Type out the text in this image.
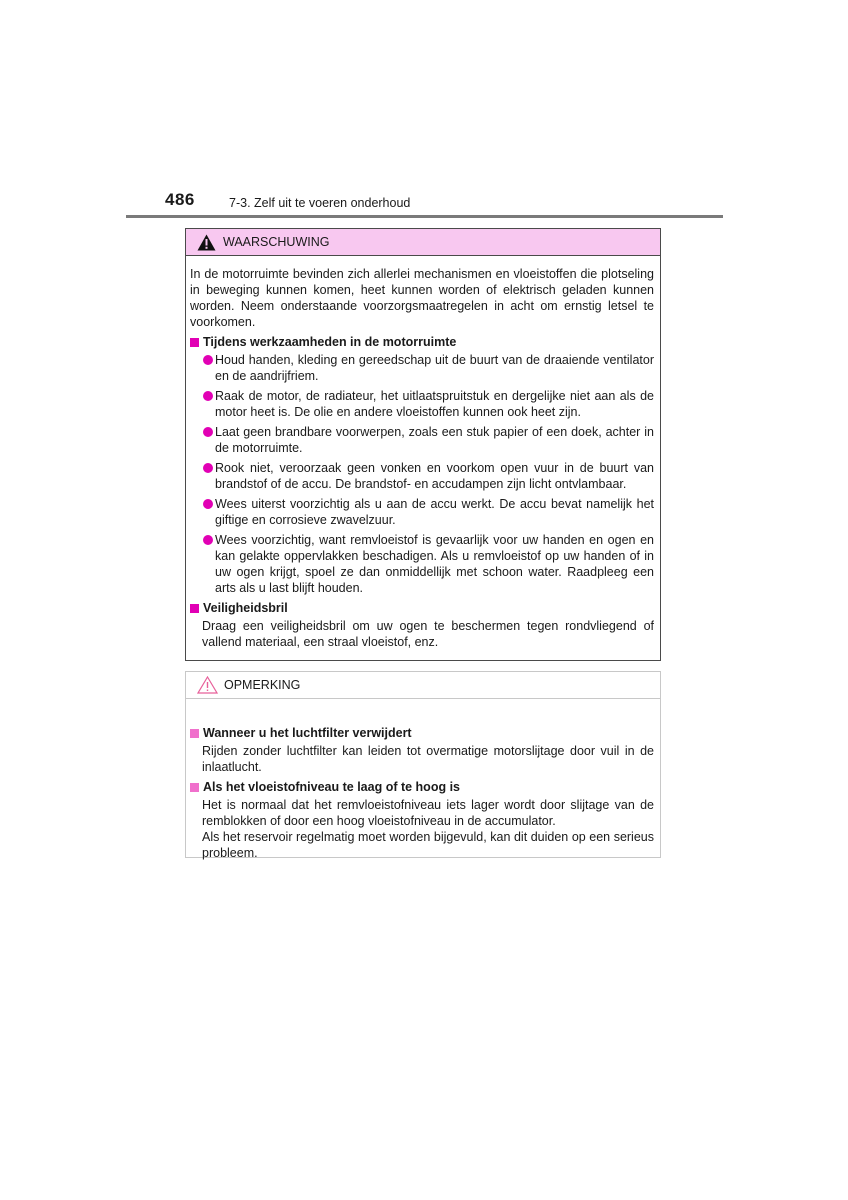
486	7-3. Zelf uit te voeren onderhoud
WAARSCHUWING

In de motorruimte bevinden zich allerlei mechanismen en vloeistoffen die plotseling in beweging kunnen komen, heet kunnen worden of elektrisch geladen kunnen worden. Neem onderstaande voorzorgsmaatregelen in acht om ernstig letsel te voorkomen.

Tijdens werkzaamheden in de motorruimte

Houd handen, kleding en gereedschap uit de buurt van de draaiende ventilator en de aandrijfriem.
Raak de motor, de radiateur, het uitlaatspruitstuk en dergelijke niet aan als de motor heet is. De olie en andere vloeistoffen kunnen ook heet zijn.
Laat geen brandbare voorwerpen, zoals een stuk papier of een doek, achter in de motorruimte.
Rook niet, veroorzaak geen vonken en voorkom open vuur in de buurt van brandstof of de accu. De brandstof- en accudampen zijn licht ontvlambaar.
Wees uiterst voorzichtig als u aan de accu werkt. De accu bevat namelijk het giftige en corrosieve zwavelzuur.
Wees voorzichtig, want remvloeistof is gevaarlijk voor uw handen en ogen en kan gelakte oppervlakken beschadigen. Als u remvloeistof op uw handen of in uw ogen krijgt, spoel ze dan onmiddellijk met schoon water. Raadpleeg een arts als u last blijft houden.

Veiligheidsbril

Draag een veiligheidsbril om uw ogen te beschermen tegen rondvliegend of vallend materiaal, een straal vloeistof, enz.

OPMERKING

Wanneer u het luchtfilter verwijdert

Rijden zonder luchtfilter kan leiden tot overmatige motorslijtage door vuil in de inlaatlucht.

Als het vloeistofniveau te laag of te hoog is

Het is normaal dat het remvloeistofniveau iets lager wordt door slijtage van de remblokken of door een hoog vloeistofniveau in de accumulator.

Als het reservoir regelmatig moet worden bijgevuld, kan dit duiden op een serieus probleem.
